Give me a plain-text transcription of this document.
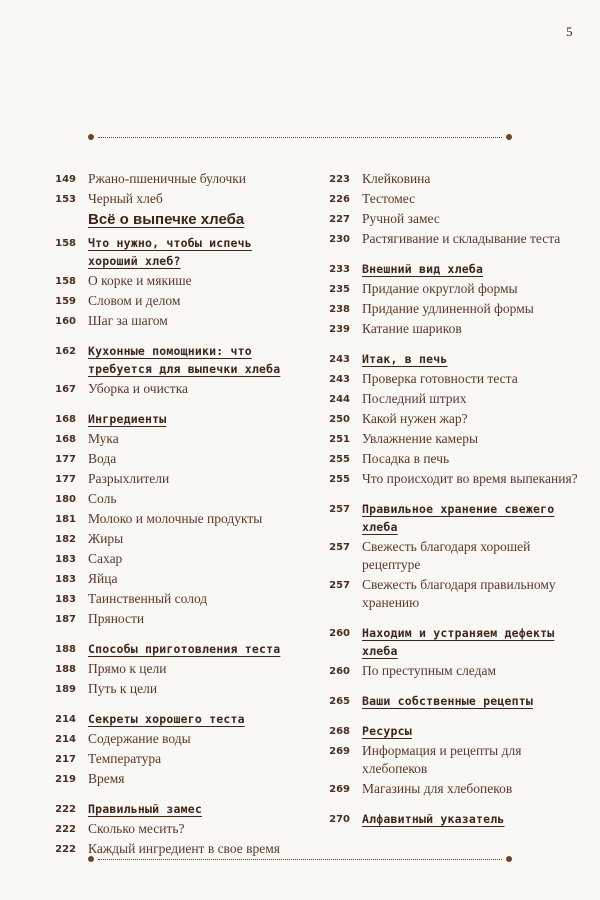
5
149 Ржано-пшеничные булочки
153 Черный хлеб
Всё о выпечке хлеба
158	Что нужно, чтобы испечь хороший хлеб?
158 О корке и мякише
159 Словом и делом
160 Шаг за шагом
162	Кухонные помощники: что требуется для выпечки хлеба
167 Уборка и очистка
168	Ингредиенты
168 Мука
177 Вода
177 Разрыхлители
180 Соль
181 Молоко и молочные продукты
182 Жиры
183 Сахар
183 Яйца
183 Таинственный солод
187 Пряности
188	Способы приготовления теста
188 Прямо к цели
189 Путь к цели
214	Секреты хорошего теста
214 Содержание воды
217 Температура
219 Время
222	Правильный замес
222 Сколько месить?
222 Каждый ингредиент в свое время
223 Клейковина
226 Тестомес
227 Ручной замес
230 Растягивание и складывание теста
233	Внешний вид хлеба
235 Придание округлой формы
238 Придание удлиненной формы
239 Катание шариков
243	Итак, в печь
243 Проверка готовности теста
244 Последний штрих
250 Какой нужен жар?
251 Увлажнение камеры
255 Посадка в печь
255 Что происходит во время выпекания?
257	Правильное хранение свежего хлеба
257 Свежесть благодаря хорошей рецептуре
257 Свежесть благодаря правильному хранению
260	Находим и устраняем дефекты хлеба
260 По преступным следам
265	Ваши собственные рецепты
268	Ресурсы
269 Информация и рецепты для хлебопеков
269 Магазины для хлебопеков
270	Алфавитный указатель
